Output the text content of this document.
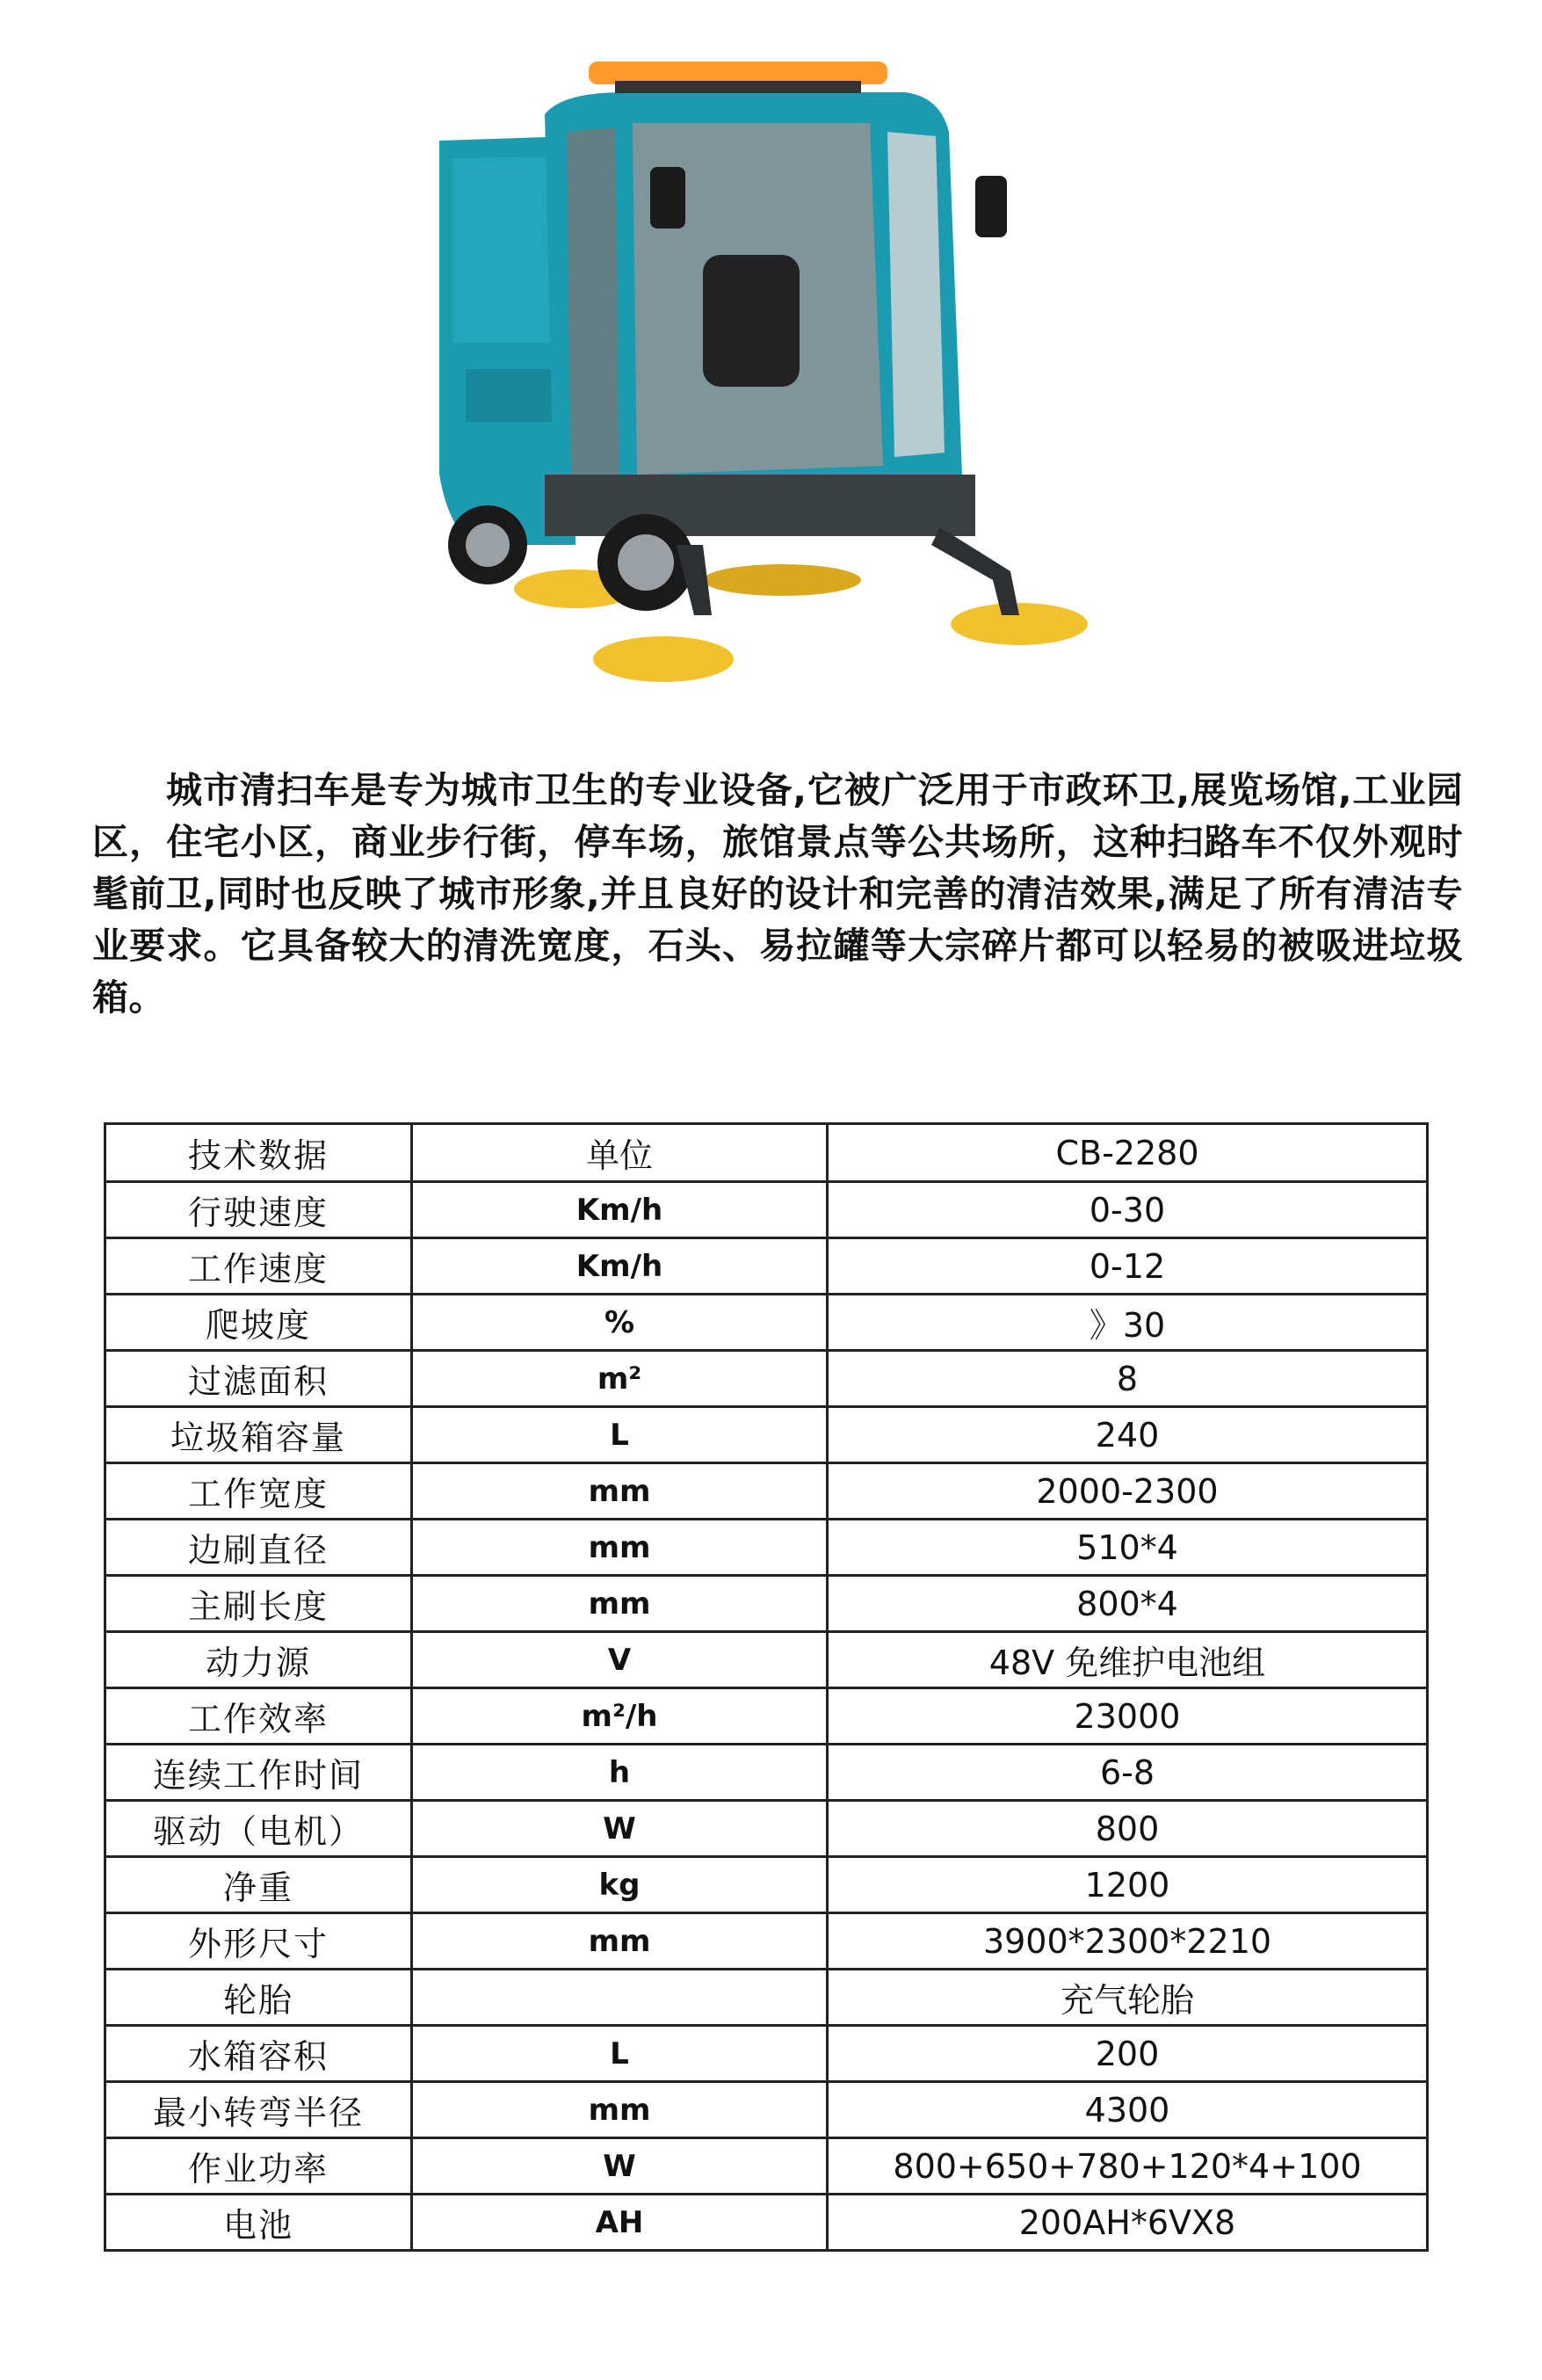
城市清扫车是专为城市卫生的专业设备,它被广泛用于市政环卫,展览场馆,工业园区，住宅小区，商业步行街，停车场，旅馆景点等公共场所，这种扫路车不仅外观时髦前卫,同时也反映了城市形象,并且良好的设计和完善的清洁效果,满足了所有清洁专业要求。它具备较大的清洗宽度，石头、易拉罐等大宗碎片都可以轻易的被吸进垃圾箱。

技术数据	单位	CB-2280
行驶速度	Km/h	0-30
工作速度	Km/h	0-12
爬坡度	%	》30
过滤面积	m²	8
垃圾箱容量	L	240
工作宽度	mm	2000-2300
边刷直径	mm	510*4
主刷长度	mm	800*4
动力源	V	48V 免维护电池组
工作效率	m²/h	23000
连续工作时间	h	6-8
驱动（电机）	W	800
净重	kg	1200
外形尺寸	mm	3900*2300*2210
轮胎		充气轮胎
水箱容积	L	200
最小转弯半径	mm	4300
作业功率	W	800+650+780+120*4+100
电池	AH	200AH*6VX8
